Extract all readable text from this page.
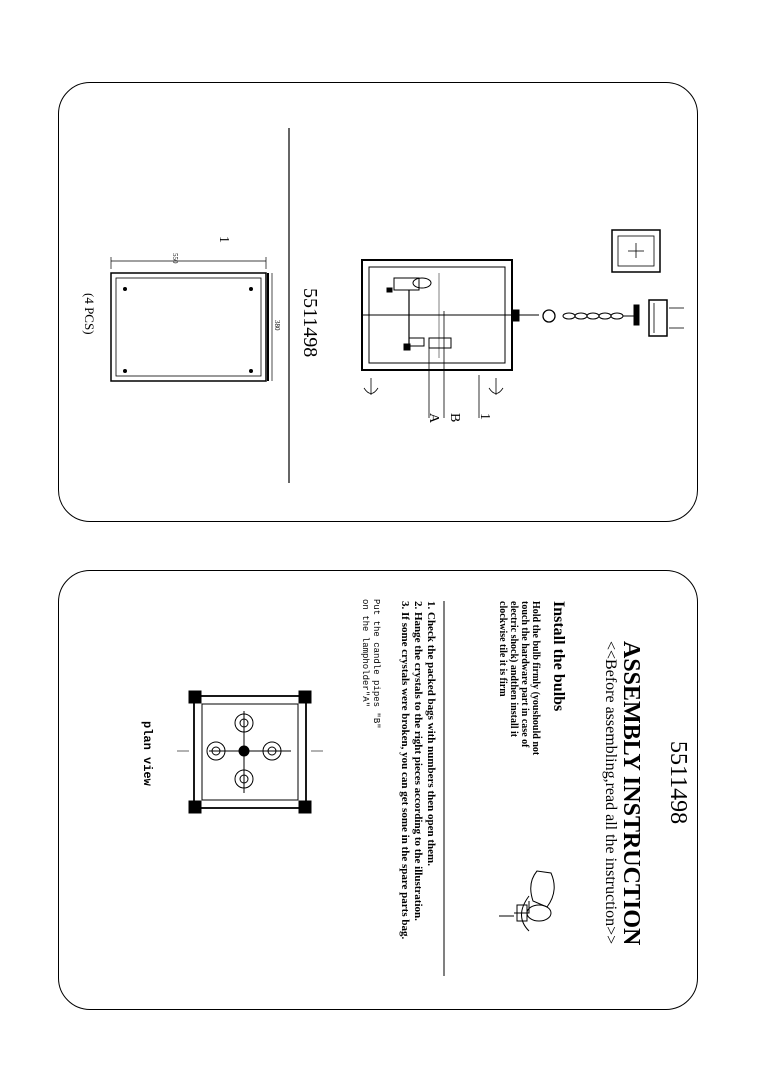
1
550
380
(4 PCS)	5511498
A B 1
5511498
ASSEMBLY INSTRUCTION
<<Before assembling,read all the instruction>>
Install the bulbs
Hold the bulb firmly (youshould not
touch the hardware part in case of
electric shock) andthen install it
clockwise tile it is firm
1. Check the packed bags with numbers then open them.
2. Hange the crystals to the right pieces according to the illustration.
3. If some crystals were broken, you can get some in the spare parts bag.
Put the candle pipes "B"
on the lampholder"A"
plan view
